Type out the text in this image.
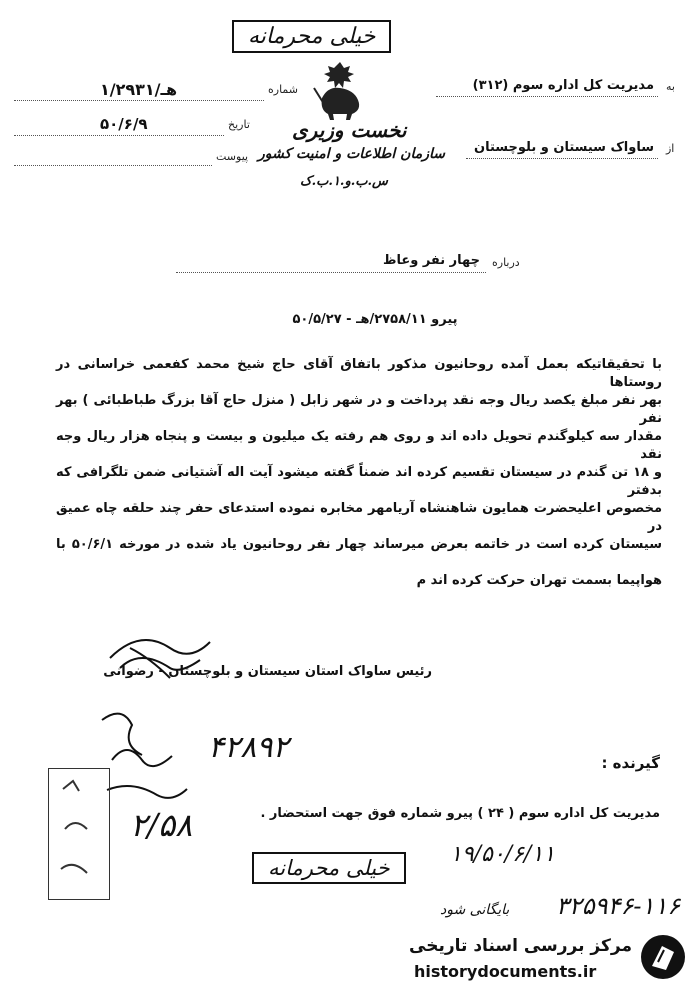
خیلی محرمانه
شماره
۱/۲۹۳۱/هـ
تاریخ
۵۰/۶/۹
پیوست
نخست وزیری
سازمان اطلاعات و امنیت کشور
س.ب.و.۱.ب.ک
به
مدیریت کل اداره سوم (۳۱۲)
از
ساواک سیستان و بلوچستان
درباره
چهار نفر وعاظ
پیرو ۲۷۵۸/۱۱/هـ - ۵۰/۵/۲۷
با تحقیقاتیکه بعمل آمده روحانیون مذکور باتفاق آقای حاج شیخ محمد کفعمی خراسانی در روستاها
بهر نفر مبلغ یکصد ریال وجه نقد پرداخت و در شهر زابل ( منزل حاج آقا بزرگ طباطبائی ) بهر نفر
مقدار سه کیلوگندم تحویل داده اند و روی هم رفته یک میلیون و بیست و پنجاه هزار ریال وجه نقد
و ۱۸ تن گندم در سیستان تقسیم کرده اند ضمناً گفته میشود آیت اله آشتیانی ضمن تلگرافی که بدفتر
مخصوص اعلیحضرت همایون شاهنشاه آریامهر مخابره نموده استدعای حفر چند حلقه چاه عمیق در
سیستان کرده است در خاتمه بعرض میرساند چهار نفر روحانیون یاد شده در مورخه ۵۰/۶/۱ با
هواپیما بسمت تهران حرکت کرده اند م
رئیس ساواک استان سیستان و بلوچستان - رضوانی
گیرنده :
مدیریت کل اداره سوم ( ۲۴ ) پیرو شماره فوق جهت استحضار .
۴۲۸۹۲
۲/۵۸
خیلی محرمانه
۱۹/۵۰/۶/۱۱
بایگانی شود ۳۲۵۹۴۶-۱۱۶
مرکز بررسی اسناد تاریخی
historydocuments.ir
